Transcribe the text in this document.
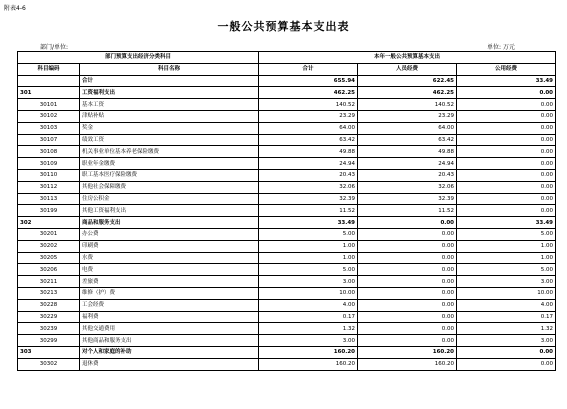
附表4-6
一般公共预算基本支出表
部门/单位:	单位: 万元
部门预算支出经济分类科目		本年一般公共预算基本支出		
科目编码	科目名称	合计	人员经费	公用经费
	合计	655.94	622.45	33.49
301	工资福利支出	462.25	462.25	0.00
30101	基本工资	140.52	140.52	0.00
30102	津贴补贴	23.29	23.29	0.00
30103	奖金	64.00	64.00	0.00
30107	绩效工资	63.42	63.42	0.00
30108	机关事业单位基本养老保险缴费	49.88	49.88	0.00
30109	职业年金缴费	24.94	24.94	0.00
30110	职工基本医疗保险缴费	20.43	20.43	0.00
30112	其他社会保障缴费	32.06	32.06	0.00
30113	住房公积金	32.39	32.39	0.00
30199	其他工资福利支出	11.52	11.52	0.00
302	商品和服务支出	33.49	0.00	33.49
30201	办公费	5.00	0.00	5.00
30202	印刷费	1.00	0.00	1.00
30205	水费	1.00	0.00	1.00
30206	电费	5.00	0.00	5.00
30211	差旅费	3.00	0.00	3.00
30213	维修（护）费	10.00	0.00	10.00
30228	工会经费	4.00	0.00	4.00
30229	福利费	0.17	0.00	0.17
30239	其他交通费用	1.32	0.00	1.32
30299	其他商品和服务支出	3.00	0.00	3.00
303	对个人和家庭的补助	160.20	160.20	0.00
30302	退休费	160.20	160.20	0.00
